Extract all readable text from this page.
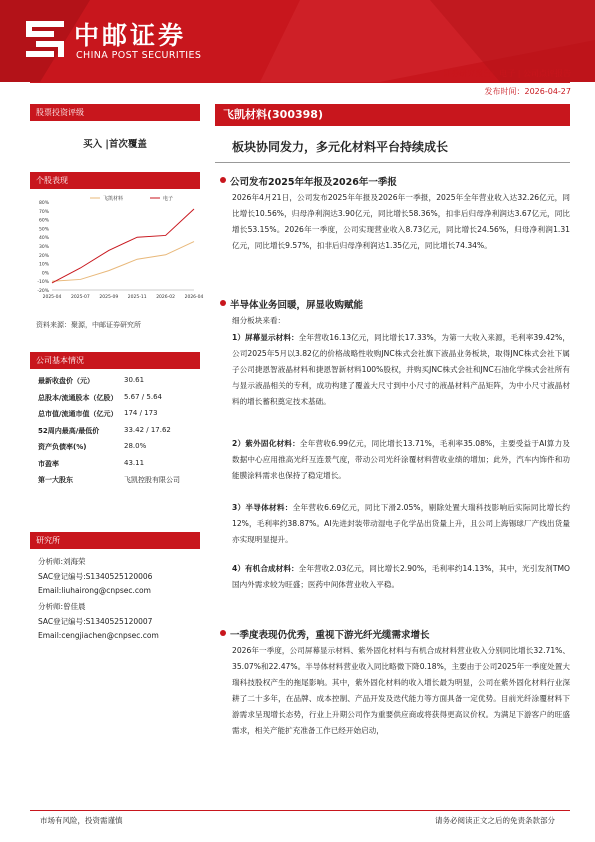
中邮证券
CHINA POST SECURITIES
证券研究报告：电子 | 公司点评报告
发布时间：2026-04-27
股票投资评级
买入 |首次覆盖
个股表现
80%
70%
60%
50%
40%
30%
20%
10%
0%
-10%
-20%
2025-04 2025-07 2025-09 2025-11 2026-02 2026-04
飞凯材料	电子
资料来源：聚源，中邮证券研究所
公司基本情况
最新收盘价（元）	30.61
总股本/流通股本（亿股） 5.67 / 5.64
总市值/流通市值（亿元） 174 / 173
52周内最高/最低价	33.42 / 17.62
资产负债率(%)	28.0%
市盈率	43.11
第一大股东	飞凯控股有限公司
研究所
分析师:刘海荣
SAC登记编号:S1340525120006
Email:liuhairong@cnpsec.com
分析师:曾佳晨
SAC登记编号:S1340525120007
Email:cengjiachen@cnpsec.com
飞凯材料(300398)
板块协同发力，多元化材料平台持续成长
公司发布2025年年报及2026年一季报
2026年4月21日，公司发布2025年年报及2026年一季报，2025年全年营业收入达32.26亿元，同比增长10.56%，归母净利润达3.90亿元，同比增长58.36%，扣非后归母净利润达3.67亿元，同比增长53.15%。2026年一季度，公司实现营业收入8.73亿元，同比增长24.56%，归母净利润1.31亿元，同比增长9.57%，扣非后归母净利润达1.35亿元，同比增长74.34%。
半导体业务回暖，屏显收购赋能
细分板块来看：
1）屏幕显示材料：全年营收16.13亿元，同比增长17.33%，为第一大收入来源，毛利率39.42%，公司2025年5月以3.82亿的价格战略性收购JNC株式会社旗下液晶业务板块，取得JNC株式会社下属子公司捷恩智液晶材料和捷恩智新材料100%股权，并购买JNC株式会社和JNC石油化学株式会社所有与显示液晶相关的专利，成功构建了覆盖大尺寸到中小尺寸的液晶材料产品矩阵，为中小尺寸液晶材料的增长蓄积奠定技术基础。
2）紫外固化材料：全年营收6.99亿元，同比增长13.71%，毛利率35.08%，主要受益于AI算力及数据中心应用推高光纤互连景气度，带动公司光纤涂覆材料营收业绩的增加；此外，汽车内饰件和功能膜涂料需求也保持了稳定增长。
3）半导体材料：全年营收6.69亿元，同比下滑2.05%，剔除处置大瑞科技影响后实际同比增长约12%，毛利率约38.87%。AI先进封装带动湿电子化学品出货量上升，且公司上海锡球厂产线出货量亦实现明显提升。
4）有机合成材料：全年营收2.03亿元，同比增长2.90%，毛利率约14.13%，其中，光引发剂TMO国内外需求较为旺盛；医药中间体营业收入平稳。
一季度表现仍优秀，重视下游光纤光缆需求增长
2026年一季度，公司屏幕显示材料、紫外固化材料与有机合成材料营业收入分别同比增长32.71%、35.07%和22.47%。半导体材料营业收入同比略微下降0.18%，主要由于公司2025年一季度处置大瑞科技股权产生的拖尾影响。其中，紫外固化材料的收入增长最为明显，公司在紫外固化材料行业深耕了二十多年，在品牌、成本控制、产品开发及迭代能力等方面具备一定优势。目前光纤涂覆材料下游需求呈现增长态势，行业上升期公司作为重要供应商或将获得更高议价权。为满足下游客户的旺盛需求，相关产能扩充准备工作已经开始启动，
市场有风险，投资需谨慎	请务必阅读正文之后的免责条款部分
